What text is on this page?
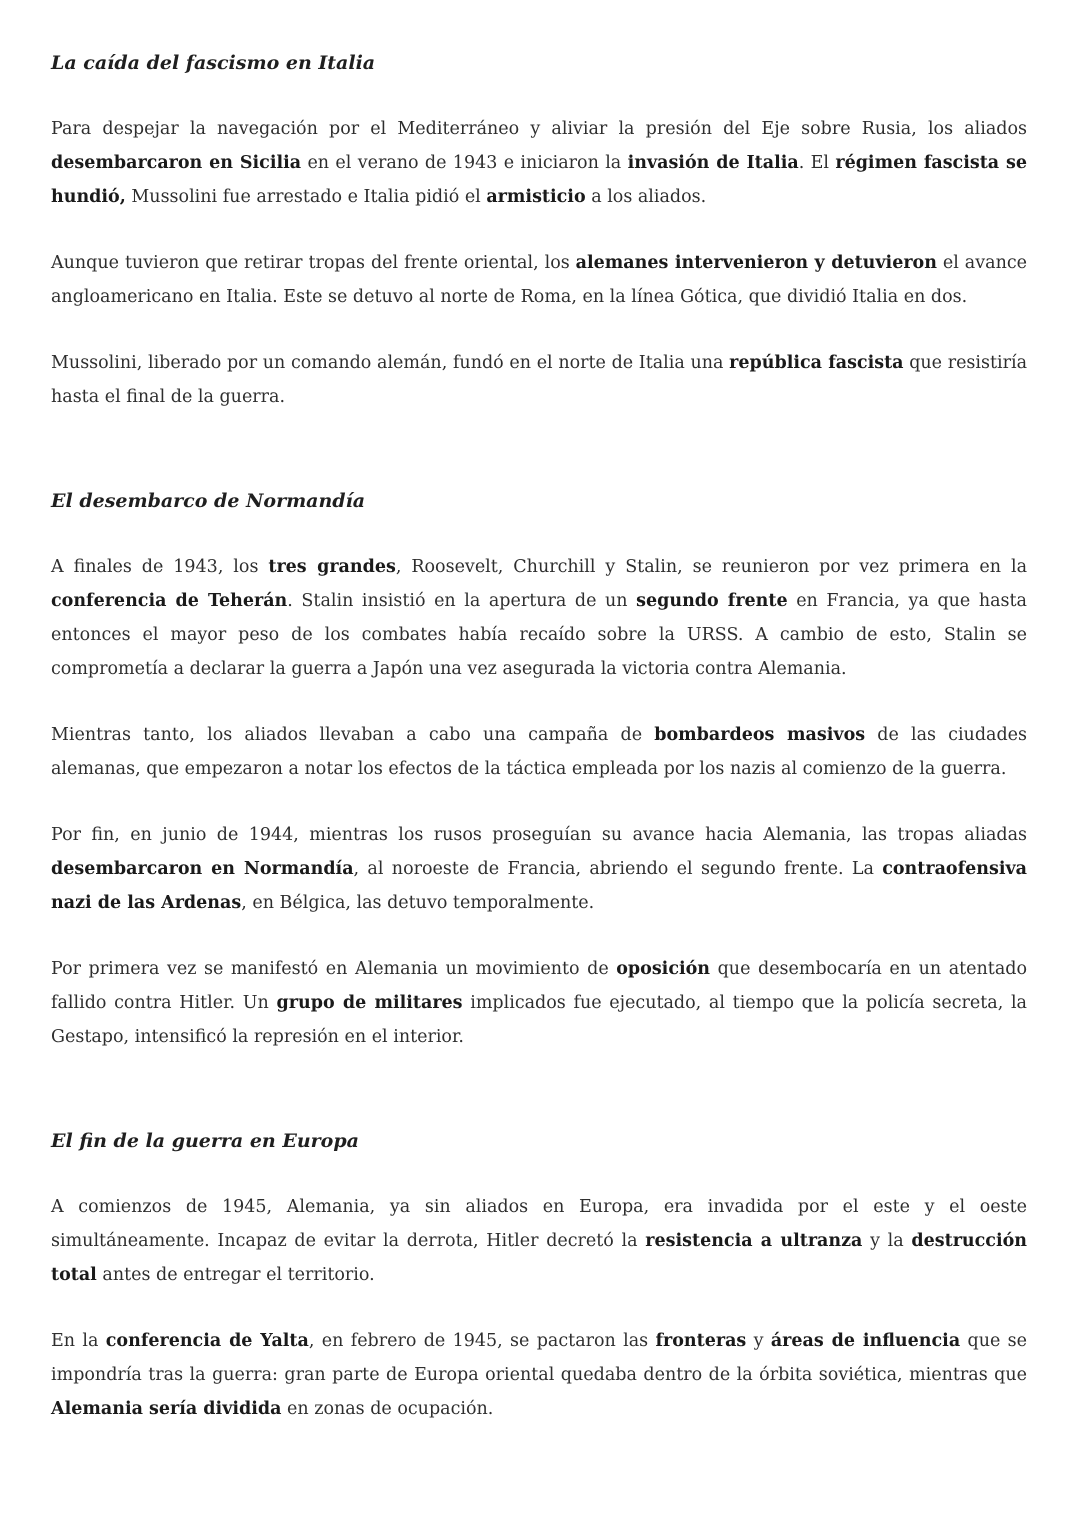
La caída del fascismo en Italia

Para despejar la navegación por el Mediterráneo y aliviar la presión del Eje sobre Rusia, los aliados desembarcaron en Sicilia en el verano de 1943 e iniciaron la invasión de Italia. El régimen fascista se hundió, Mussolini fue arrestado e Italia pidió el armisticio a los aliados.

Aunque tuvieron que retirar tropas del frente oriental, los alemanes intervenieron y detuvieron el avance angloamericano en Italia. Este se detuvo al norte de Roma, en la línea Gótica, que dividió Italia en dos.

Mussolini, liberado por un comando alemán, fundó en el norte de Italia una república fascista que resistiría hasta el final de la guerra.

El desembarco de Normandía

A finales de 1943, los tres grandes, Roosevelt, Churchill y Stalin, se reunieron por vez primera en la conferencia de Teherán. Stalin insistió en la apertura de un segundo frente en Francia, ya que hasta entonces el mayor peso de los combates había recaído sobre la URSS. A cambio de esto, Stalin se comprometía a declarar la guerra a Japón una vez asegurada la victoria contra Alemania.

Mientras tanto, los aliados llevaban a cabo una campaña de bombardeos masivos de las ciudades alemanas, que empezaron a notar los efectos de la táctica empleada por los nazis al comienzo de la guerra.

Por fin, en junio de 1944, mientras los rusos proseguían su avance hacia Alemania, las tropas aliadas desembarcaron en Normandía, al noroeste de Francia, abriendo el segundo frente. La contraofensiva nazi de las Ardenas, en Bélgica, las detuvo temporalmente.

Por primera vez se manifestó en Alemania un movimiento de oposición que desembocaría en un atentado fallido contra Hitler. Un grupo de militares implicados fue ejecutado, al tiempo que la policía secreta, la Gestapo, intensificó la represión en el interior.

El fin de la guerra en Europa

A comienzos de 1945, Alemania, ya sin aliados en Europa, era invadida por el este y el oeste simultáneamente. Incapaz de evitar la derrota, Hitler decretó la resistencia a ultranza y la destrucción total antes de entregar el territorio.

En la conferencia de Yalta, en febrero de 1945, se pactaron las fronteras y áreas de influencia que se impondría tras la guerra: gran parte de Europa oriental quedaba dentro de la órbita soviética, mientras que Alemania sería dividida en zonas de ocupación.
